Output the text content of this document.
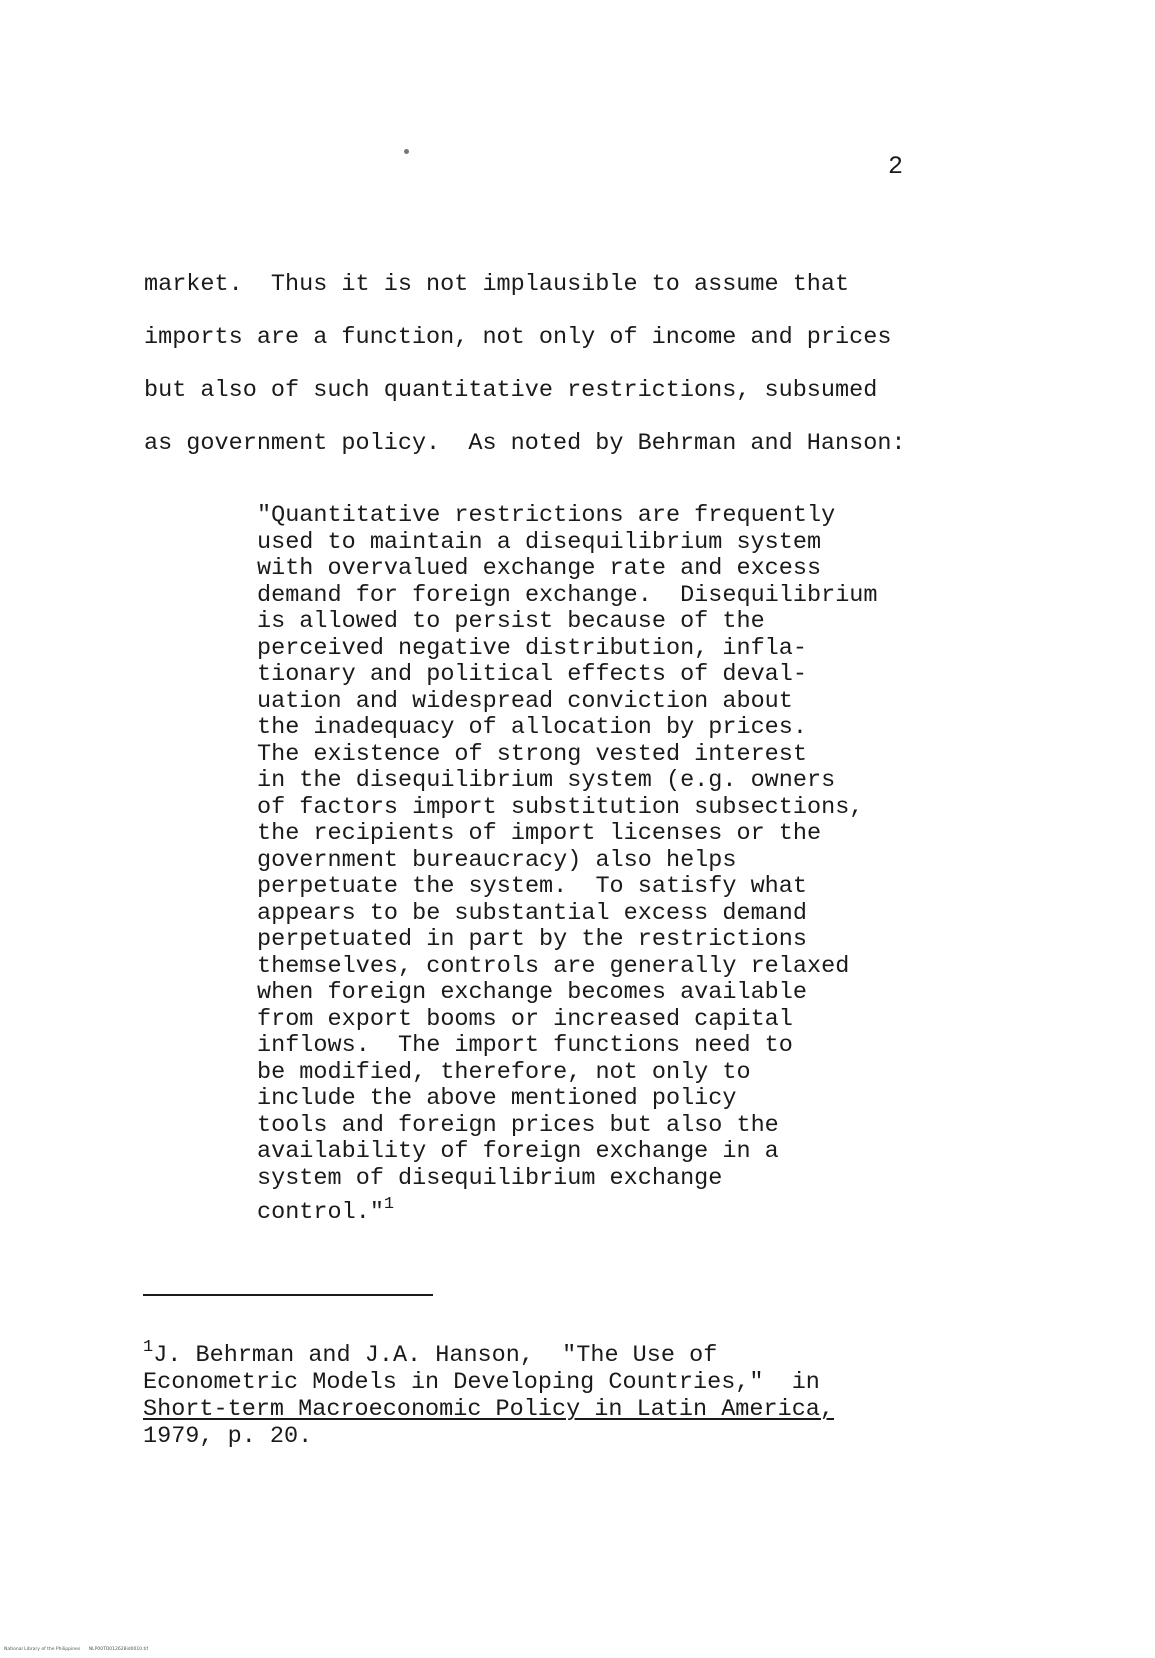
2
market.  Thus it is not implausible to assume that
imports are a function, not only of income and prices
but also of such quantitative restrictions, subsumed
as government policy.  As noted by Behrman and Hanson:
"Quantitative restrictions are frequently
used to maintain a disequilibrium system
with overvalued exchange rate and excess
demand for foreign exchange.  Disequilibrium
is allowed to persist because of the
perceived negative distribution, infla-
tionary and political effects of deval-
uation and widespread conviction about
the inadequacy of allocation by prices.
The existence of strong vested interest
in the disequilibrium system (e.g. owners
of factors import substitution subsections,
the recipients of import licenses or the
government bureaucracy) also helps
perpetuate the system.  To satisfy what
appears to be substantial excess demand
perpetuated in part by the restrictions
themselves, controls are generally relaxed
when foreign exchange becomes available
from export booms or increased capital
inflows.  The import functions need to
be modified, therefore, not only to
include the above mentioned policy
tools and foreign prices but also the
availability of foreign exchange in a
system of disequilibrium exchange
control."$^1$
$^1$J. Behrman and J.A. Hanson,  "The Use of
Econometric Models in Developing Countries,"  in
Short-term Macroeconomic Policy in Latin America,
1979, p. 20.
National Library of the Philippines NLP00TD012628id0010.tif
